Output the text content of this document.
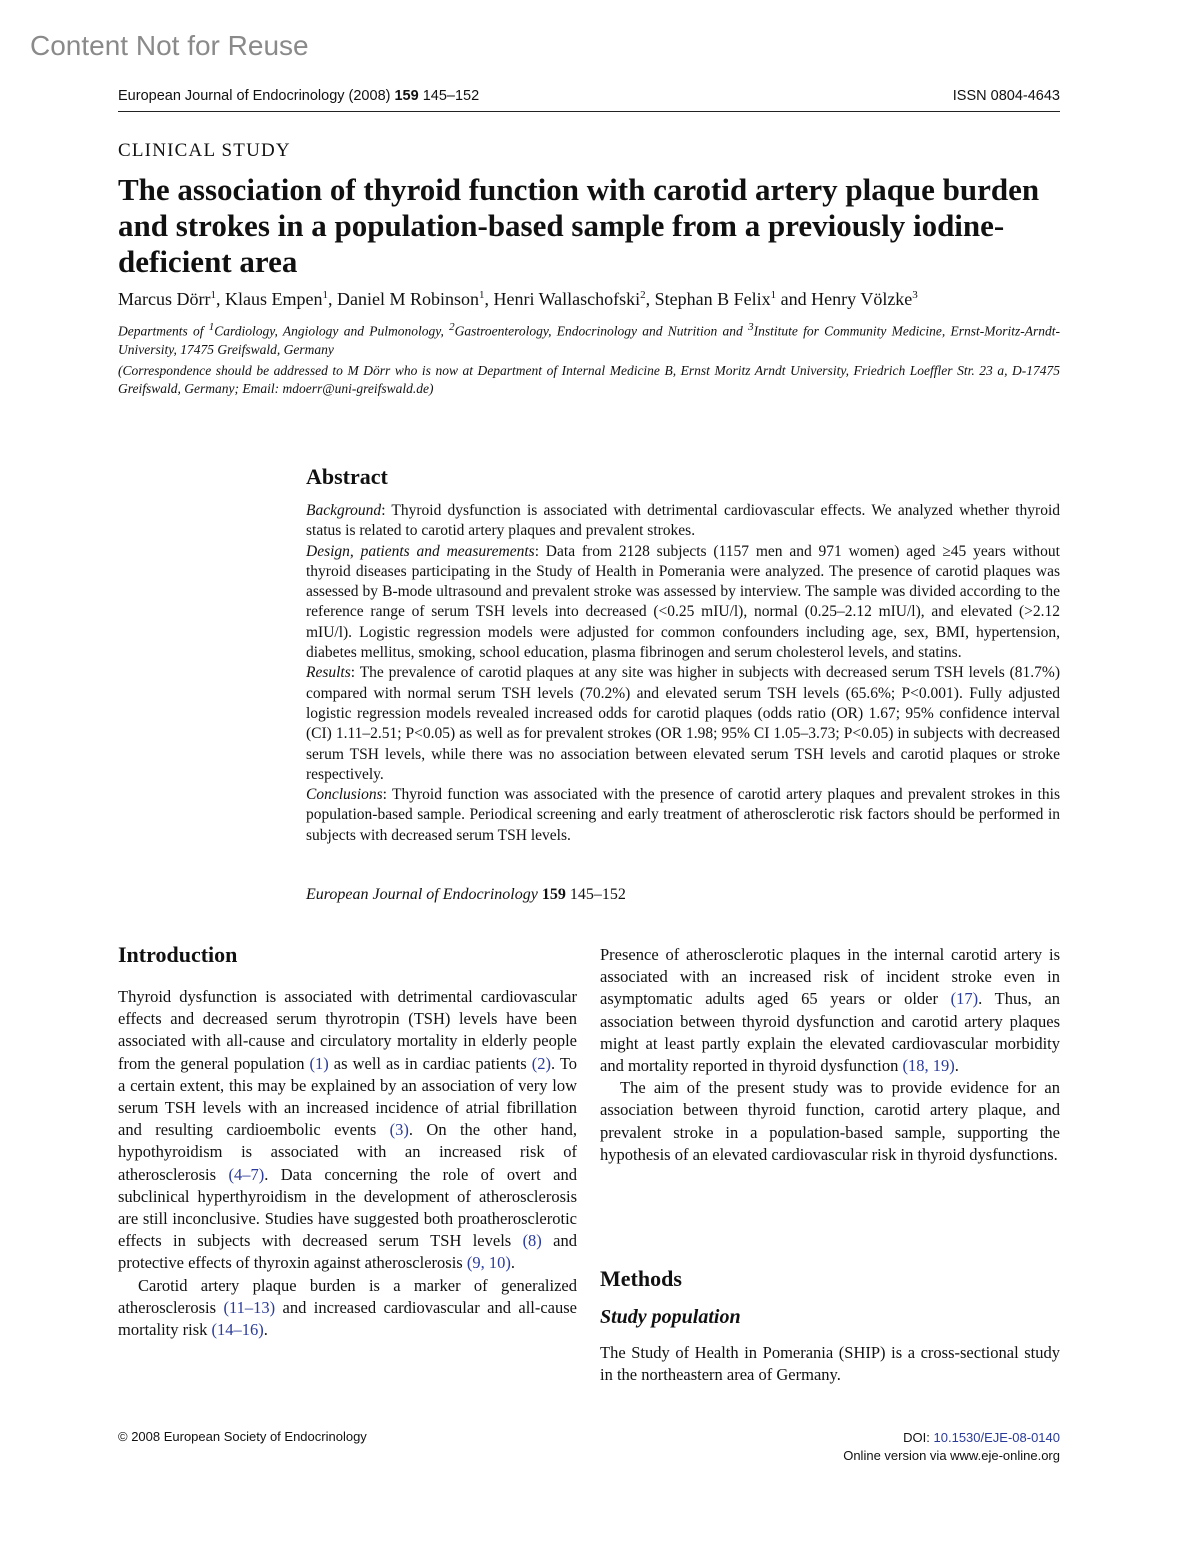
Content Not for Reuse
European Journal of Endocrinology (2008) 159 145–152	ISSN 0804-4643
CLINICAL STUDY
The association of thyroid function with carotid artery plaque burden and strokes in a population-based sample from a previously iodine-deficient area
Marcus Dörr$^1$, Klaus Empen$^1$, Daniel M Robinson$^1$, Henri Wallaschofski$^2$, Stephan B Felix$^1$ and Henry Völzke$^3$
Departments of $^1$Cardiology, Angiology and Pulmonology, $^2$Gastroenterology, Endocrinology and Nutrition and $^3$Institute for Community Medicine, Ernst-Moritz-Arndt-University, 17475 Greifswald, Germany
(Correspondence should be addressed to M Dörr who is now at Department of Internal Medicine B, Ernst Moritz Arndt University, Friedrich Loeffler Str. 23 a, D-17475 Greifswald, Germany; Email: mdoerr@uni-greifswald.de)
Abstract

Background: Thyroid dysfunction is associated with detrimental cardiovascular effects. We analyzed whether thyroid status is related to carotid artery plaques and prevalent strokes.

Design, patients and measurements: Data from 2128 subjects (1157 men and 971 women) aged ≥45 years without thyroid diseases participating in the Study of Health in Pomerania were analyzed. The presence of carotid plaques was assessed by B-mode ultrasound and prevalent stroke was assessed by interview. The sample was divided according to the reference range of serum TSH levels into decreased (<0.25 mIU/l), normal (0.25–2.12 mIU/l), and elevated (>2.12 mIU/l). Logistic regression models were adjusted for common confounders including age, sex, BMI, hypertension, diabetes mellitus, smoking, school education, plasma fibrinogen and serum cholesterol levels, and statins.

Results: The prevalence of carotid plaques at any site was higher in subjects with decreased serum TSH levels (81.7%) compared with normal serum TSH levels (70.2%) and elevated serum TSH levels (65.6%; P<0.001). Fully adjusted logistic regression models revealed increased odds for carotid plaques (odds ratio (OR) 1.67; 95% confidence interval (CI) 1.11–2.51; P<0.05) as well as for prevalent strokes (OR 1.98; 95% CI 1.05–3.73; P<0.05) in subjects with decreased serum TSH levels, while there was no association between elevated serum TSH levels and carotid plaques or stroke respectively.

Conclusions: Thyroid function was associated with the presence of carotid artery plaques and prevalent strokes in this population-based sample. Periodical screening and early treatment of atherosclerotic risk factors should be performed in subjects with decreased serum TSH levels.

European Journal of Endocrinology 159 145–152
Introduction

Thyroid dysfunction is associated with detrimental cardiovascular effects and decreased serum thyrotropin (TSH) levels have been associated with all-cause and circulatory mortality in elderly people from the general population (1) as well as in cardiac patients (2). To a certain extent, this may be explained by an association of very low serum TSH levels with an increased incidence of atrial fibrillation and resulting cardioembolic events (3). On the other hand, hypothyroidism is associated with an increased risk of atherosclerosis (4–7). Data concerning the role of overt and subclinical hyperthyroidism in the development of atherosclerosis are still inconclusive. Studies have suggested both proatherosclerotic effects in subjects with decreased serum TSH levels (8) and protective effects of thyroxin against atherosclerosis (9, 10).

Carotid artery plaque burden is a marker of generalized atherosclerosis (11–13) and increased cardiovascular and all-cause mortality risk (14–16).

Presence of atherosclerotic plaques in the internal carotid artery is associated with an increased risk of incident stroke even in asymptomatic adults aged 65 years or older (17). Thus, an association between thyroid dysfunction and carotid artery plaques might at least partly explain the elevated cardiovascular morbidity and mortality reported in thyroid dysfunction (18, 19).

The aim of the present study was to provide evidence for an association between thyroid function, carotid artery plaque, and prevalent stroke in a population-based sample, supporting the hypothesis of an elevated cardiovascular risk in thyroid dysfunctions.

Methods
Study population
The Study of Health in Pomerania (SHIP) is a cross-sectional study in the northeastern area of Germany.
© 2008 European Society of Endocrinology	DOI: 10.1530/EJE-08-0140
Online version via www.eje-online.org
